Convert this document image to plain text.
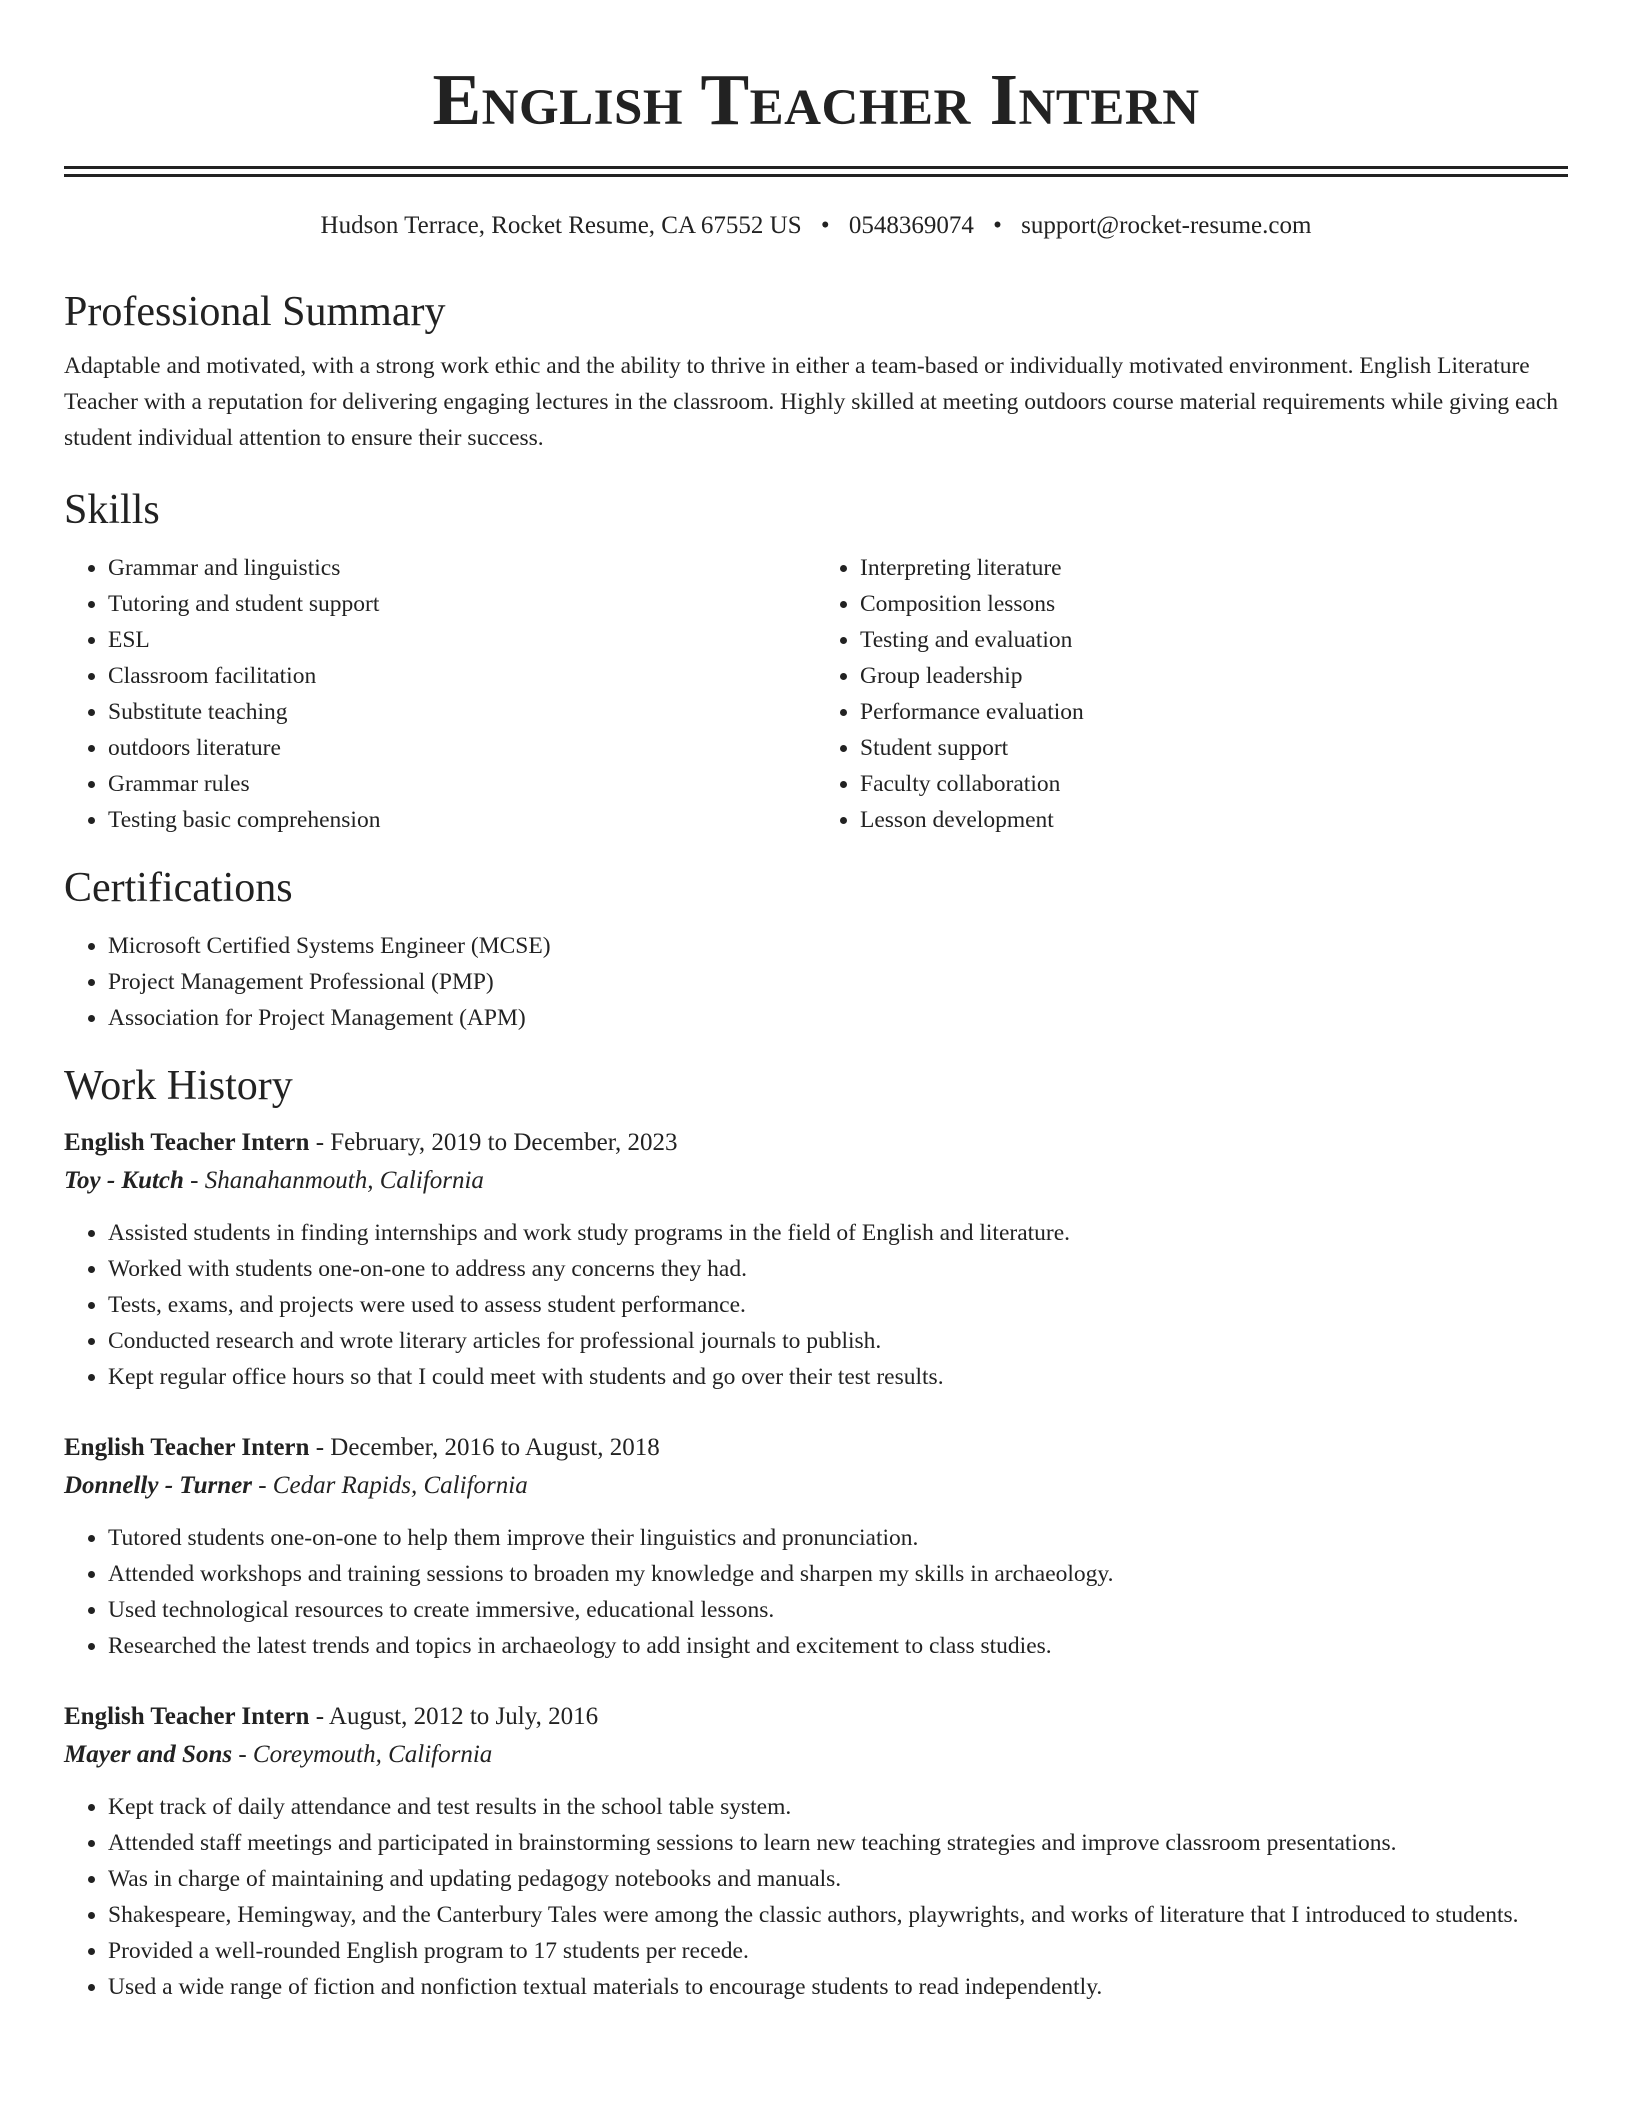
English Teacher Intern
Hudson Terrace, Rocket Resume, CA 67552 US • 0548369074 • support@rocket-resume.com
Professional Summary

Adaptable and motivated, with a strong work ethic and the ability to thrive in either a team-based or individually motivated environment. English Literature Teacher with a reputation for delivering engaging lectures in the classroom. Highly skilled at meeting outdoors course material requirements while giving each student individual attention to ensure their success.

Skills
• Grammar and linguistics
• Tutoring and student support
• ESL
• Classroom facilitation
• Substitute teaching
• outdoors literature
• Grammar rules
• Testing basic comprehension
• Interpreting literature
• Composition lessons
• Testing and evaluation
• Group leadership
• Performance evaluation
• Student support
• Faculty collaboration
• Lesson development
Certifications
• Microsoft Certified Systems Engineer (MCSE)
• Project Management Professional (PMP)
• Association for Project Management (APM)
Work History
English Teacher Intern - February, 2019 to December, 2023
Toy - Kutch - Shanahanmouth, California
• Assisted students in finding internships and work study programs in the field of English and literature.
• Worked with students one-on-one to address any concerns they had.
• Tests, exams, and projects were used to assess student performance.
• Conducted research and wrote literary articles for professional journals to publish.
• Kept regular office hours so that I could meet with students and go over their test results.
English Teacher Intern - December, 2016 to August, 2018
Donnelly - Turner - Cedar Rapids, California
• Tutored students one-on-one to help them improve their linguistics and pronunciation.
• Attended workshops and training sessions to broaden my knowledge and sharpen my skills in archaeology.
• Used technological resources to create immersive, educational lessons.
• Researched the latest trends and topics in archaeology to add insight and excitement to class studies.
English Teacher Intern - August, 2012 to July, 2016
Mayer and Sons - Coreymouth, California
• Kept track of daily attendance and test results in the school table system.
• Attended staff meetings and participated in brainstorming sessions to learn new teaching strategies and improve classroom presentations.
• Was in charge of maintaining and updating pedagogy notebooks and manuals.
• Shakespeare, Hemingway, and the Canterbury Tales were among the classic authors, playwrights, and works of literature that I introduced to students.
• Provided a well-rounded English program to 17 students per recede.
• Used a wide range of fiction and nonfiction textual materials to encourage students to read independently.
